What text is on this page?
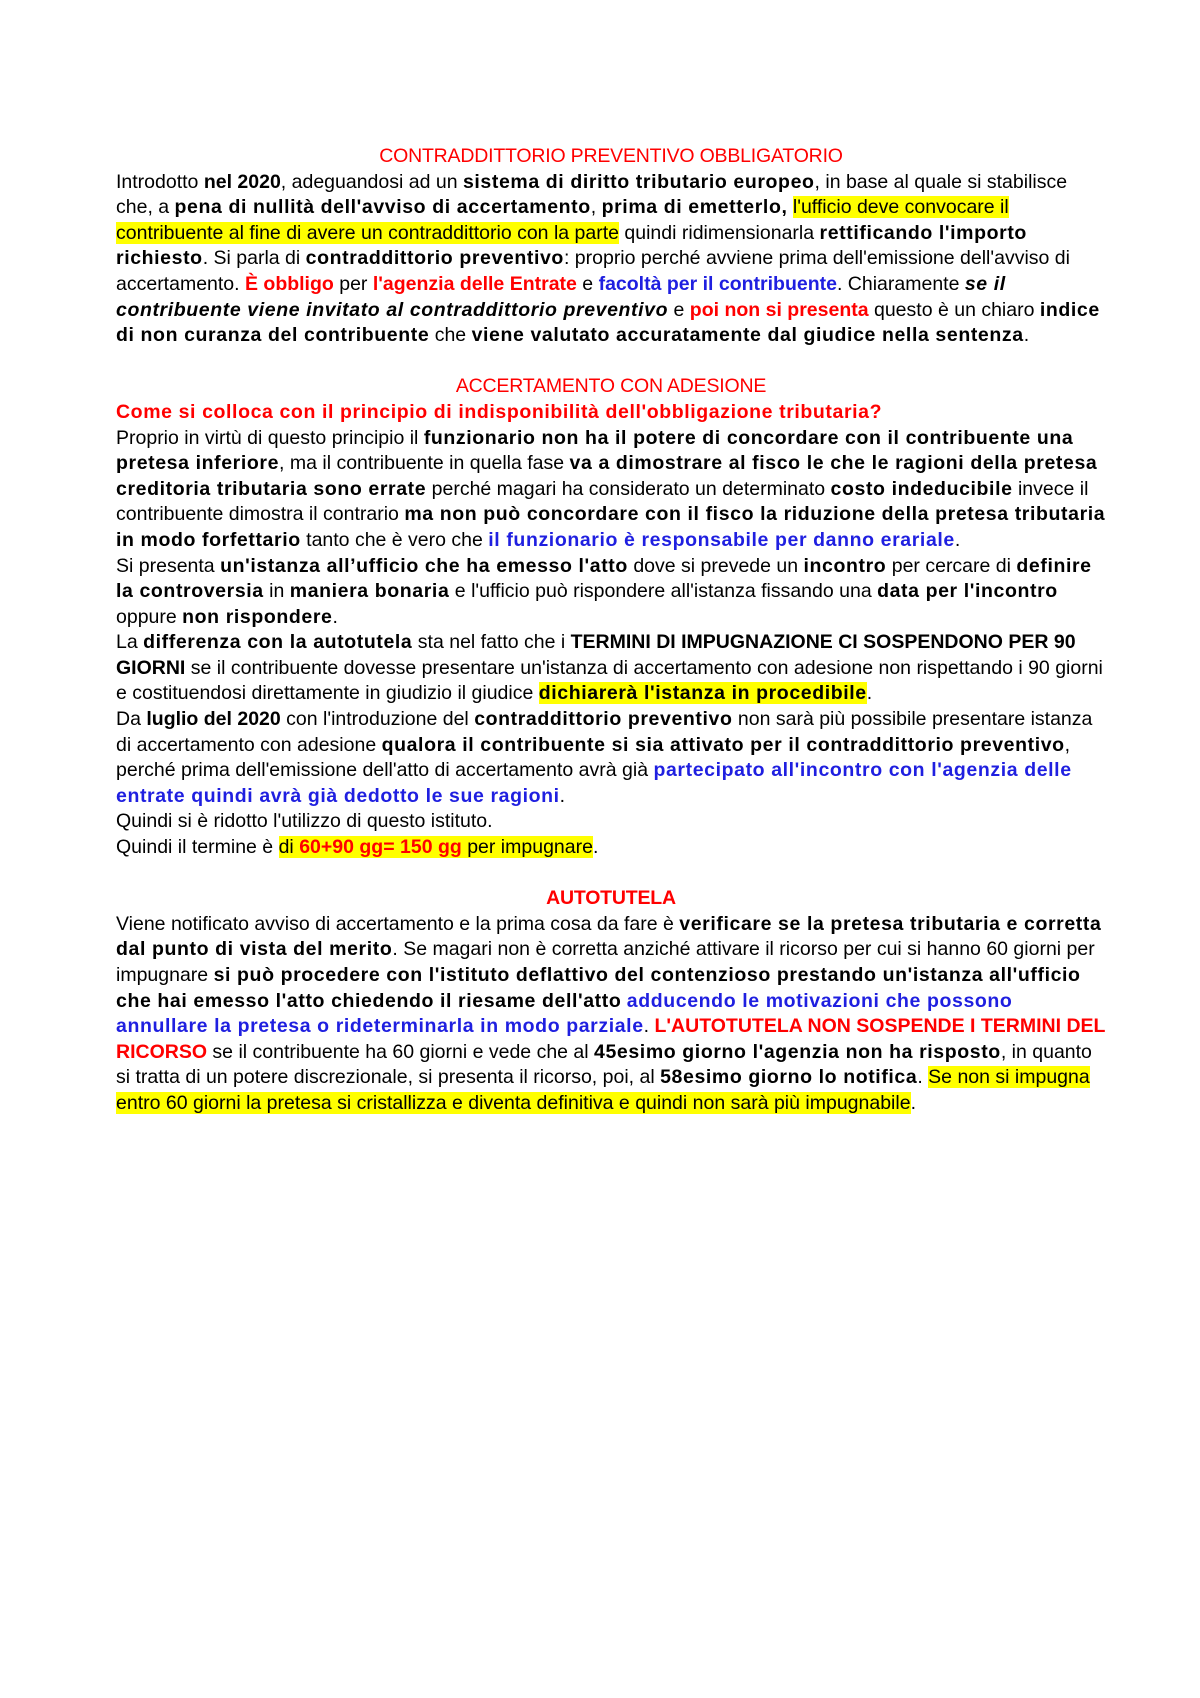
CONTRADDITTORIO PREVENTIVO OBBLIGATORIO

Introdotto nel 2020, adeguandosi ad un sistema di diritto tributario europeo, in base al quale si stabilisce che, a pena di nullità dell'avviso di accertamento, prima di emetterlo, l'ufficio deve convocare il contribuente al fine di avere un contraddittorio con la parte quindi ridimensionarla rettificando l'importo richiesto. Si parla di contraddittorio preventivo: proprio perché avviene prima dell'emissione dell'avviso di accertamento. È obbligo per l'agenzia delle Entrate e facoltà per il contribuente. Chiaramente se il contribuente viene invitato al contraddittorio preventivo e poi non si presenta questo è un chiaro indice di non curanza del contribuente che viene valutato accuratamente dal giudice nella sentenza.

ACCERTAMENTO CON ADESIONE

Come si colloca con il principio di indisponibilità dell'obbligazione tributaria?

Proprio in virtù di questo principio il funzionario non ha il potere di concordare con il contribuente una pretesa inferiore, ma il contribuente in quella fase va a dimostrare al fisco le che le ragioni della pretesa creditoria tributaria sono errate perché magari ha considerato un determinato costo indeducibile invece il contribuente dimostra il contrario ma non può concordare con il fisco la riduzione della pretesa tributaria in modo forfettario tanto che è vero che il funzionario è responsabile per danno erariale.

Si presenta un'istanza all’ufficio che ha emesso l'atto dove si prevede un incontro per cercare di definire la controversia in maniera bonaria e l'ufficio può rispondere all'istanza fissando una data per l'incontro oppure non rispondere.

La differenza con la autotutela sta nel fatto che i TERMINI DI IMPUGNAZIONE CI SOSPENDONO PER 90 GIORNI se il contribuente dovesse presentare un'istanza di accertamento con adesione non rispettando i 90 giorni e costituendosi direttamente in giudizio il giudice dichiarerà l'istanza in procedibile.

Da luglio del 2020 con l'introduzione del contraddittorio preventivo non sarà più possibile presentare istanza di accertamento con adesione qualora il contribuente si sia attivato per il contraddittorio preventivo, perché prima dell'emissione dell'atto di accertamento avrà già partecipato all'incontro con l'agenzia delle entrate quindi avrà già dedotto le sue ragioni.

Quindi si è ridotto l'utilizzo di questo istituto.

Quindi il termine è di 60+90 gg= 150 gg per impugnare.

AUTOTUTELA

Viene notificato avviso di accertamento e la prima cosa da fare è verificare se la pretesa tributaria e corretta dal punto di vista del merito. Se magari non è corretta anziché attivare il ricorso per cui si hanno 60 giorni per impugnare si può procedere con l'istituto deflattivo del contenzioso prestando un'istanza all'ufficio che hai emesso l'atto chiedendo il riesame dell'atto adducendo le motivazioni che possono annullare la pretesa o rideterminarla in modo parziale. L'AUTOTUTELA NON SOSPENDE I TERMINI DEL RICORSO se il contribuente ha 60 giorni e vede che al 45esimo giorno l'agenzia non ha risposto, in quanto si tratta di un potere discrezionale, si presenta il ricorso, poi, al 58esimo giorno lo notifica. Se non si impugna entro 60 giorni la pretesa si cristallizza e diventa definitiva e quindi non sarà più impugnabile.
